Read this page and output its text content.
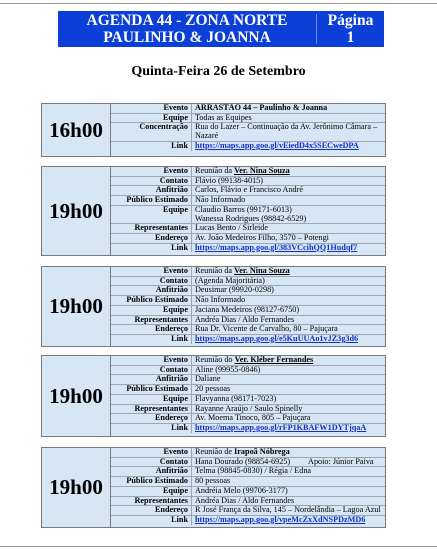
AGENDA 44 - ZONA NORTE
PAULINHO & JOANNA
Página
1
Quinta-Feira 26 de Setembro
16h00
Evento ARRASTÃO 44 – Paulinho & Joanna
Equipe Todas as Equipes
Concentração Rua do Lazer – Continuação da Av. Jerônimo Câmara – Nazaré
Link https://maps.app.goo.gl/vEiedD4x5SECweDPA
19h00
Evento Reunião da Ver. Nina Souza
Contato Flávio (99138-4015)
Anfitrião Carlos, Flávio e Francisco André
Público Estimado Não Informado
Equipe Claudio Barros (99171-6013)
Wanessa Rodrigues (98842-6529)
Representantes Lucas Bento / Sirleide
Endereço Av. João Medeiros Filho, 3570 – Potengi
Link https://maps.app.goo.gl/383VCcihQQ1Hudqf7
19h00
Evento Reunião da Ver. Nina Souza
Contato (Agenda Majoritária)
Anfitrião Deusimar (99920-0298)
Público Estimado Não Informado
Equipe Jaciana Medeiros (98127-6750)
Representantes Andréa Dias / Aldo Fernandes
Endereço Rua Dr. Vicente de Carvalho, 80 – Pajuçara
Link https://maps.app.goo.gl/e5KuUUAo1vJZ3g3d6
19h00
Evento Reunião do Ver. Kléber Fernandes
Contato Aline (99955-0846)
Anfitrião Daliane
Público Estimado 20 pessoas
Equipe Flavyanna (98171-7023)
Representantes Rayanne Araújo / Saulo Spinelly
Endereço Av. Moema Tinoco, 805 – Pajuçara
Link https://maps.app.goo.gl/rFP1KBAFW1DYTjqaA
19h00
Evento Reunião de Irapoã Nóbrega
Contato Hana Dourado (98854-6925) Apoio: Júnior Paiva
Anfitrião Telma (98845-0830) / Régia / Édna
Público Estimado 80 pessoas
Equipe Andréia Melo (99706-3177)
Representantes Andréa Dias / Aldo Fernandes
Endereço R José França da Silva, 145 – Nordelândia – Lagoa Azul
Link https://maps.app.goo.gl/vpeMcZxXdNSPDzMD6
